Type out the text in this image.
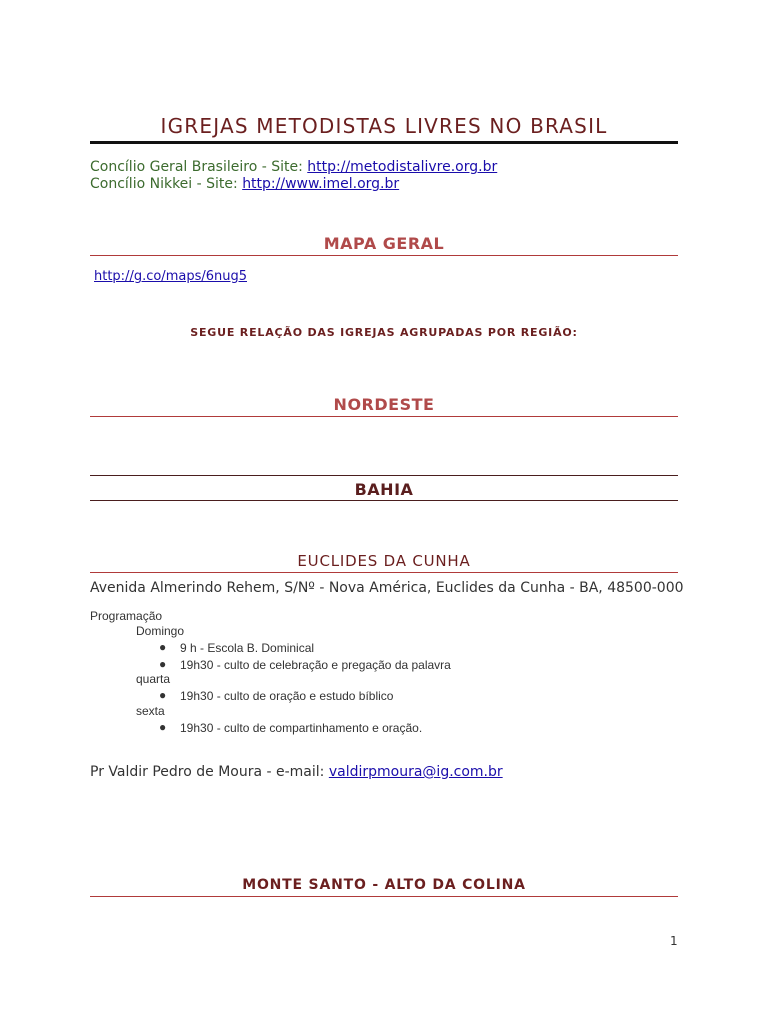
IGREJAS METODISTAS LIVRES NO BRASIL
Concílio Geral Brasileiro - Site: http://metodistalivre.org.br
Concílio Nikkei - Site: http://www.imel.org.br
MAPA GERAL
http://g.co/maps/6nug5
SEGUE RELAÇÃO DAS IGREJAS AGRUPADAS POR REGIÃO:
NORDESTE
BAHIA
EUCLIDES DA CUNHA
Avenida Almerindo Rehem, S/Nº - Nova América, Euclides da Cunha - BA, 48500-000
Programação
Domingo
● 9 h - Escola B. Dominical
● 19h30 - culto de celebração e pregação da palavra
quarta
● 19h30 - culto de oração e estudo bíblico
sexta
● 19h30 - culto de compartinhamento e oração.
Pr Valdir Pedro de Moura - e-mail: valdirpmoura@ig.com.br
MONTE SANTO - ALTO DA COLINA
1
